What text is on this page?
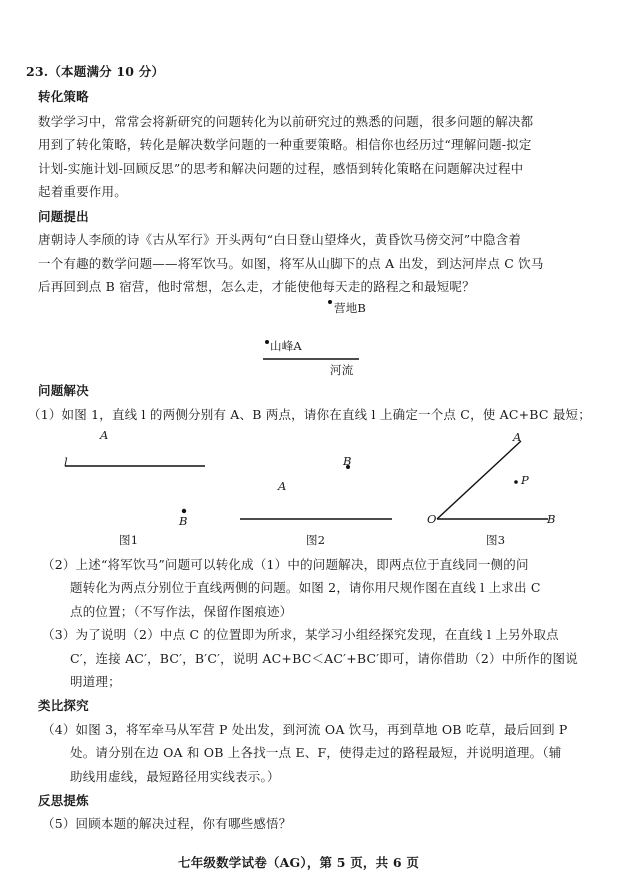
23.（本题满分 10 分）
转化策略
数学学习中，常常会将新研究的问题转化为以前研究过的熟悉的问题，很多问题的解决都
用到了转化策略，转化是解决数学问题的一种重要策略。相信你也经历过“理解问题-拟定
计划-实施计划-回顾反思”的思考和解决问题的过程，感悟到转化策略在问题解决过程中
起着重要作用。
问题提出
唐朝诗人李颀的诗《古从军行》开头两句“白日登山望烽火，黄昏饮马傍交河”中隐含着
一个有趣的数学问题——将军饮马。如图，将军从山脚下的点 A 出发，到达河岸点 C 饮马
后再回到点 B 宿营，他时常想，怎么走，才能使他每天走的路程之和最短呢？
营地B
山峰A
河流
问题解决
（1）如图 1，直线 l 的两侧分别有 A、B 两点，请你在直线 l 上确定一个点 C，使 AC+BC 最短；
A
l
B
图1
B
A
图2
A
P
O	B
图3
（2）上述“将军饮马”问题可以转化成（1）中的问题解决，即两点位于直线同一侧的问
题转化为两点分别位于直线两侧的问题。如图 2，请你用尺规作图在直线 l 上求出 C
点的位置；（不写作法，保留作图痕迹）
（3）为了说明（2）中点 C 的位置即为所求，某学习小组经探究发现，在直线 l 上另外取点
C′，连接 AC′，BC′，B′C′，说明 AC+BC＜AC′+BC′即可，请你借助（2）中所作的图说
明道理；
类比探究
（4）如图 3，将军牵马从军营 P 处出发，到河流 OA 饮马，再到草地 OB 吃草，最后回到 P
处。请分别在边 OA 和 OB 上各找一点 E、F，使得走过的路程最短，并说明道理。（辅
助线用虚线，最短路径用实线表示。）
反思提炼
（5）回顾本题的解决过程，你有哪些感悟？
七年级数学试卷（AG），第 5 页，共 6 页
